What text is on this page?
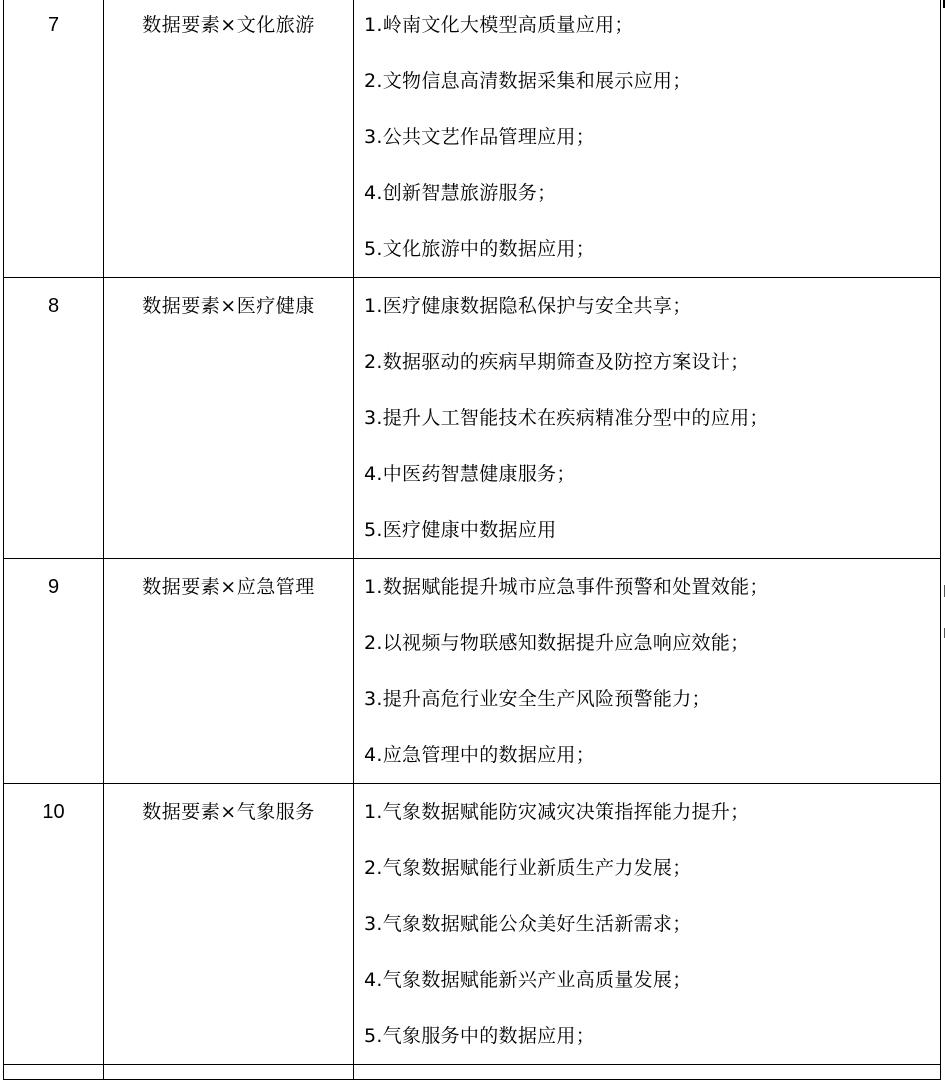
7	数据要素×文化旅游	1.岭南文化大模型高质量应用；
2.文物信息高清数据采集和展示应用；
3.公共文艺作品管理应用；
4.创新智慧旅游服务；
5.文化旅游中的数据应用；

8	数据要素×医疗健康	1.医疗健康数据隐私保护与安全共享；
2.数据驱动的疾病早期筛查及防控方案设计；
3.提升人工智能技术在疾病精准分型中的应用；
4.中医药智慧健康服务；
5.医疗健康中数据应用

9	数据要素×应急管理	1.数据赋能提升城市应急事件预警和处置效能；
2.以视频与物联感知数据提升应急响应效能；
3.提升高危行业安全生产风险预警能力；
4.应急管理中的数据应用；

10	数据要素×气象服务	1.气象数据赋能防灾减灾决策指挥能力提升；
2.气象数据赋能行业新质生产力发展；
3.气象数据赋能公众美好生活新需求；
4.气象数据赋能新兴产业高质量发展；
5.气象服务中的数据应用；
